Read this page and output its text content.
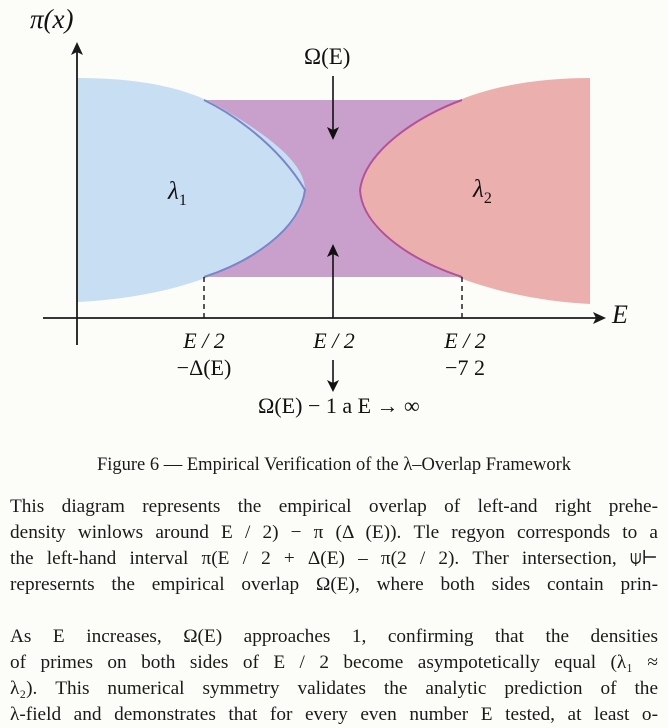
π(x)
E
Ω(E)
$\lambda_1$	$\lambda_2$
E / 2
−Δ(E)
E / 2	E / 2
−7 2
Ω(E) − 1 a E → ∞
Figure 6 — Empirical Verification of the λ–Overlap Framework
This diagram represents the empirical overlap of left-and right prehe-
density winlows around E / 2) − π (Δ (E)). Tle regyon corresponds to a
the left-hand interval π(E / 2 + Δ(E) – π(2 / 2). Ther intersection, ⍦⊢
represernts the empirical overlap Ω(E), where both sides contain prin-
As E increases, Ω(E) approaches 1, confirming that the densities
of primes on both sides of E / 2 become asympotetically equal (λ₁ ≈
λ₂). This numerical symmetry validates the analytic prediction of the
λ-field and demonstrates that for every even number E tested, at least o-
